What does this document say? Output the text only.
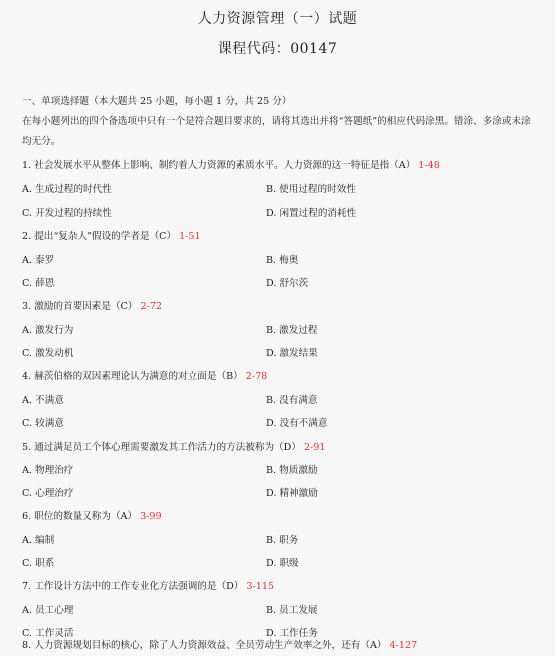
人力资源管理（一）试题
课程代码：00147
一、单项选择题（本大题共 25 小题，每小题 1 分，共 25 分）
在每小题列出的四个备选项中只有一个是符合题目要求的，请将其选出并将“答题纸”的相应代码涂黑。错涂、多涂或未涂均无分。
1. 社会发展水平从整体上影响、制约着人力资源的素质水平。人力资源的这一特征是指（A） 1-48
A. 生成过程的时代性	B. 使用过程的时效性
C. 开发过程的持续性	D. 闲置过程的消耗性
2. 提出“复杂人”假设的学者是（C） 1-51
A. 泰罗	B. 梅奥
C. 薛恩	D. 舒尔茨
3. 激励的首要因素是（C） 2-72
A. 激发行为	B. 激发过程
C. 激发动机	D. 激发结果
4. 赫茨伯格的双因素理论认为满意的对立面是（B） 2-78
A. 不满意	B. 没有满意
C. 较满意	D. 没有不满意
5. 通过满足员工个体心理需要激发其工作活力的方法被称为（D） 2-91
A. 物理治疗	B. 物质激励
C. 心理治疗	D. 精神激励
6. 职位的数量又称为（A） 3-99
A. 编制	B. 职务
C. 职系	D. 职级
7. 工作设计方法中的工作专业化方法强调的是（D） 3-115
A. 员工心理	B. 员工发展
C. 工作灵活	D. 工作任务
8. 人力资源规划目标的核心，除了人力资源效益、全员劳动生产效率之外，还有（A） 4-127
